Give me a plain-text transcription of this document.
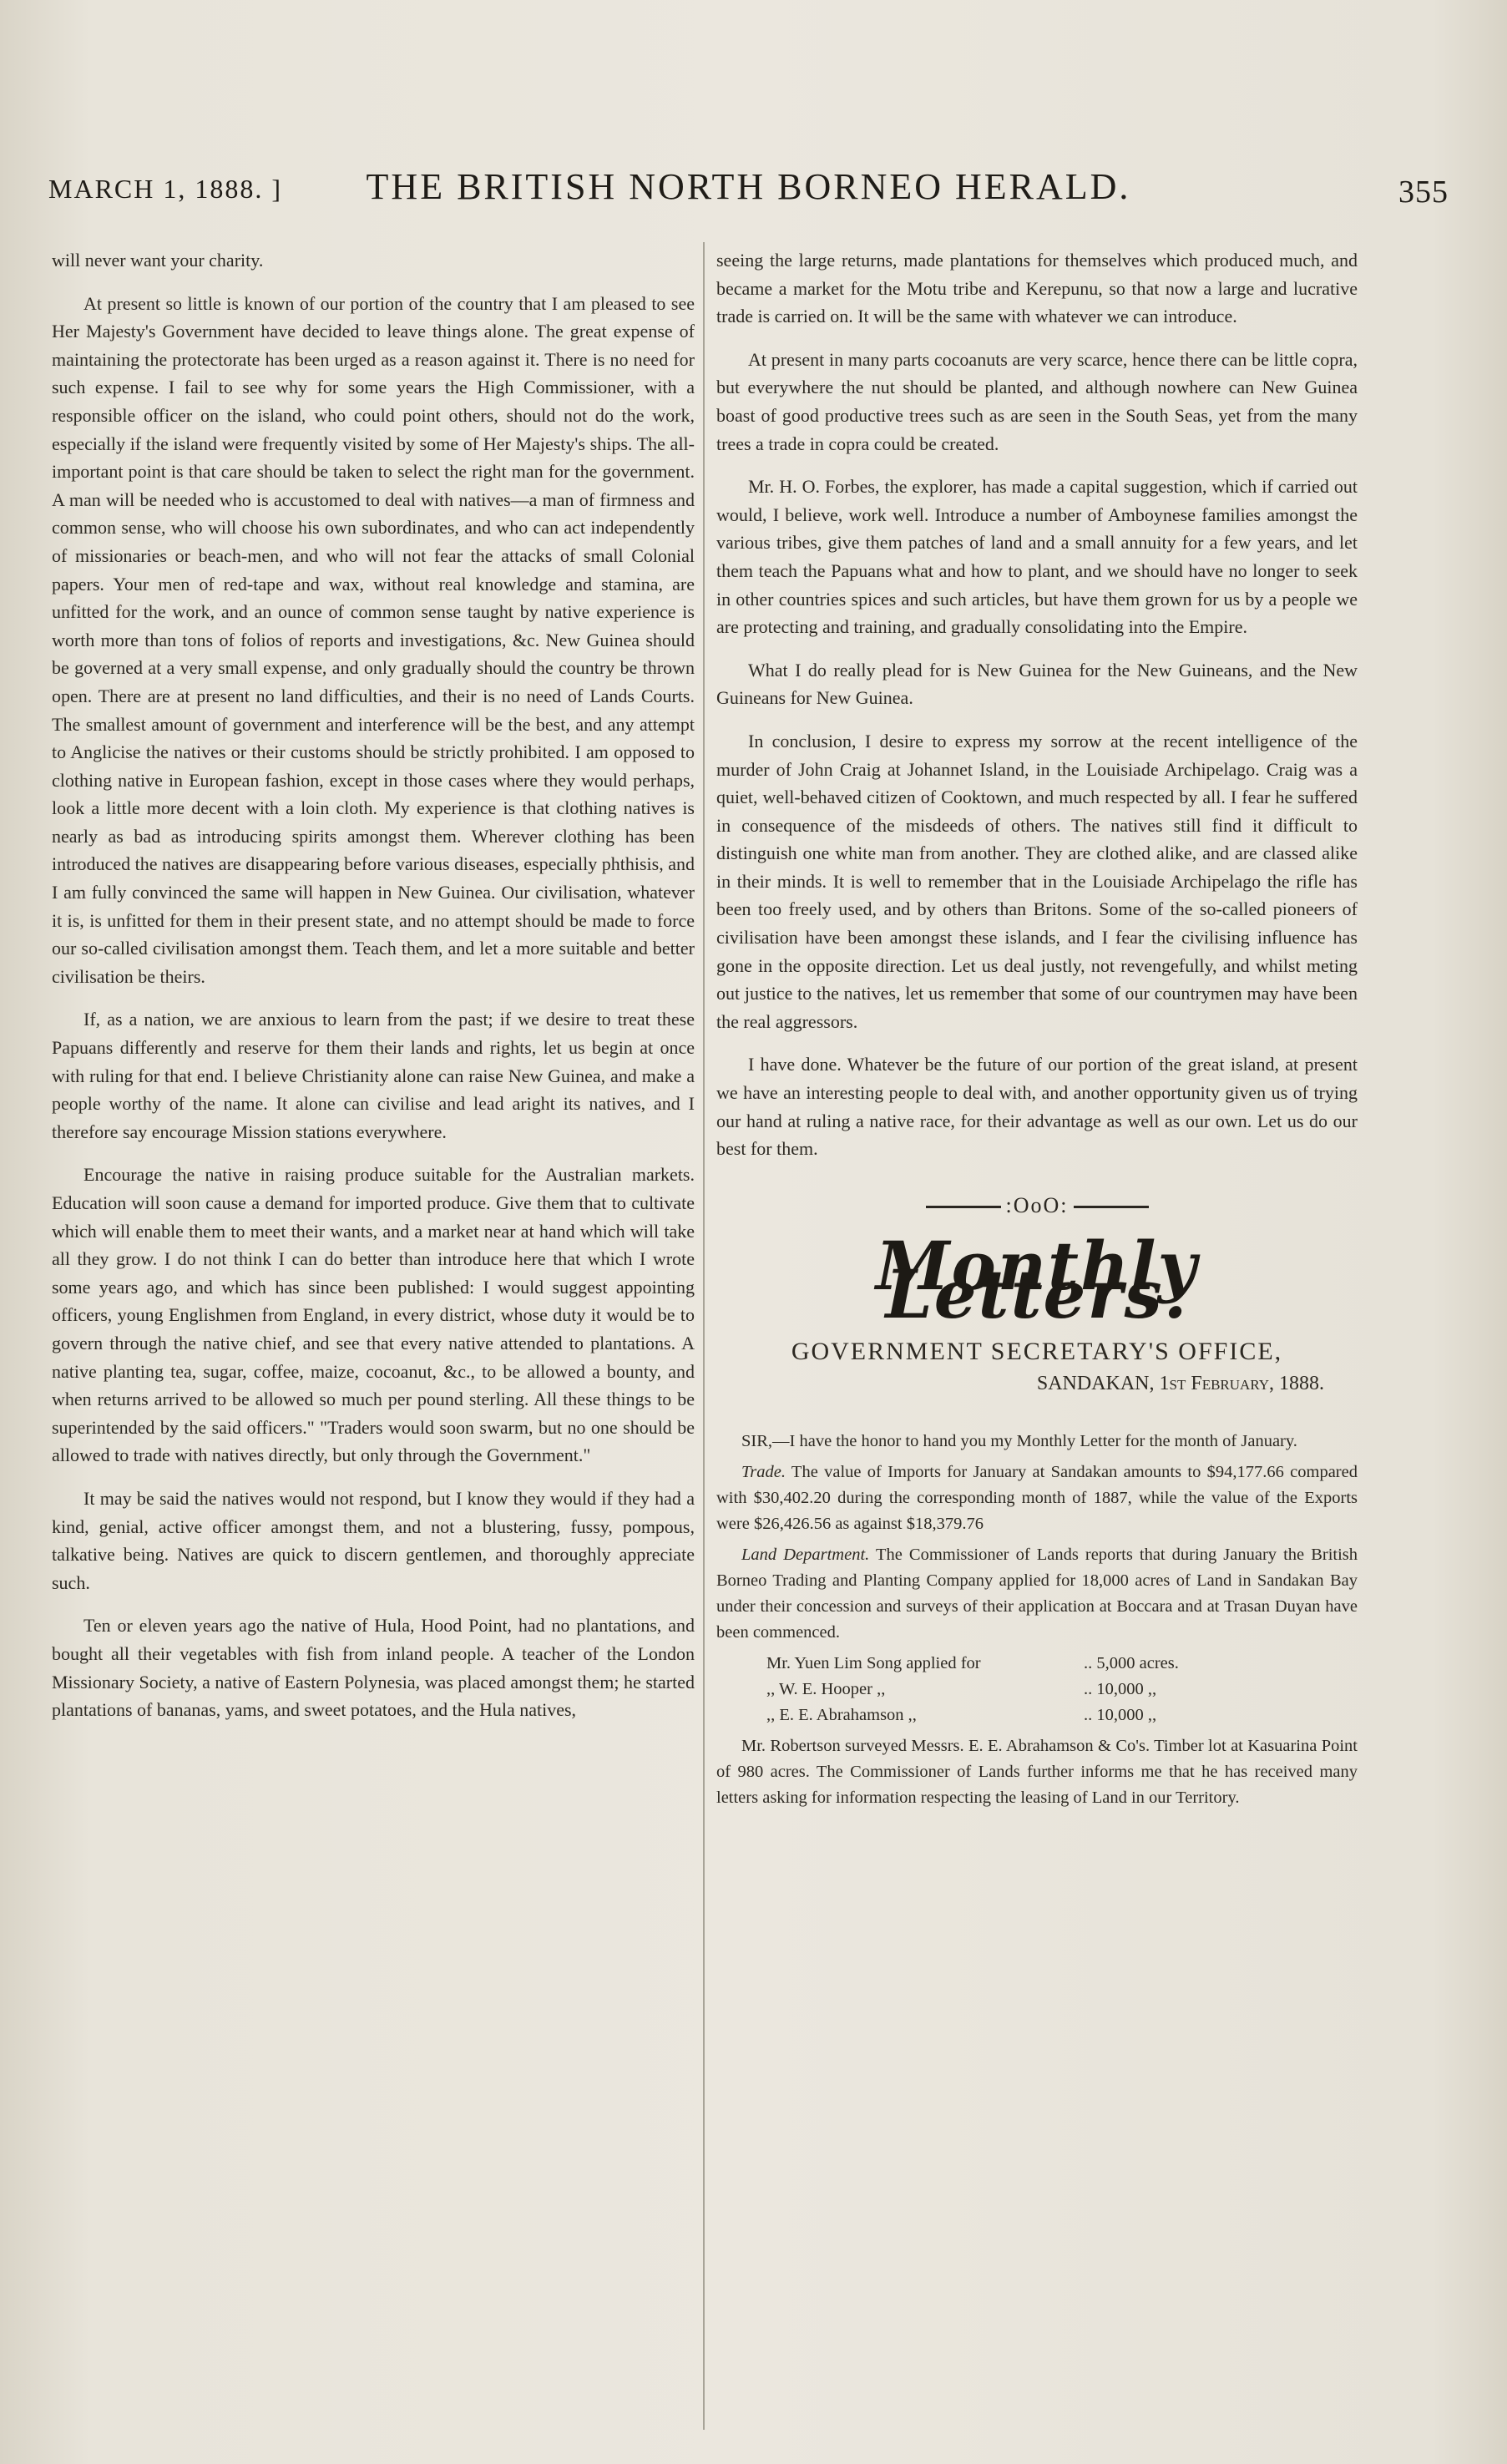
MARCH 1, 1888. ]	THE BRITISH NORTH BORNEO HERALD.	355

will never want your charity.

At present so little is known of our portion of the country that I am pleased to see Her Majesty's Government have decided to leave things alone. The great expense of maintaining the protectorate has been urged as a reason against it. There is no need for such expense. I fail to see why for some years the High Commissioner, with a responsible officer on the island, who could point others, should not do the work, especially if the island were frequently visited by some of Her Majesty's ships. The all-important point is that care should be taken to select the right man for the government. A man will be needed who is accustomed to deal with natives—a man of firmness and common sense, who will choose his own subordinates, and who can act independently of missionaries or beach-men, and who will not fear the attacks of small Colonial papers. Your men of red-tape and wax, without real knowledge and stamina, are unfitted for the work, and an ounce of common sense taught by native experience is worth more than tons of folios of reports and investigations, &c. New Guinea should be governed at a very small expense, and only gradually should the country be thrown open. There are at present no land difficulties, and their is no need of Lands Courts. The smallest amount of government and interference will be the best, and any attempt to Anglicise the natives or their customs should be strictly prohibited. I am opposed to clothing native in European fashion, except in those cases where they would perhaps, look a little more decent with a loin cloth. My experience is that clothing natives is nearly as bad as introducing spirits amongst them. Wherever clothing has been introduced the natives are disappearing before various diseases, especially phthisis, and I am fully convinced the same will happen in New Guinea. Our civilisation, whatever it is, is unfitted for them in their present state, and no attempt should be made to force our so-called civilisation amongst them. Teach them, and let a more suitable and better civilisation be theirs.

If, as a nation, we are anxious to learn from the past; if we desire to treat these Papuans differently and reserve for them their lands and rights, let us begin at once with ruling for that end. I believe Christianity alone can raise New Guinea, and make a people worthy of the name. It alone can civilise and lead aright its natives, and I therefore say encourage Mission stations everywhere.

Encourage the native in raising produce suitable for the Australian markets. Education will soon cause a demand for imported produce. Give them that to cultivate which will enable them to meet their wants, and a market near at hand which will take all they grow. I do not think I can do better than introduce here that which I wrote some years ago, and which has since been published: I would suggest appointing officers, young Englishmen from England, in every district, whose duty it would be to govern through the native chief, and see that every native attended to plantations. A native planting tea, sugar, coffee, maize, cocoanut, &c., to be allowed a bounty, and when returns arrived to be allowed so much per pound sterling. All these things to be superintended by the said officers." "Traders would soon swarm, but no one should be allowed to trade with natives directly, but only through the Government."

It may be said the natives would not respond, but I know they would if they had a kind, genial, active officer amongst them, and not a blustering, fussy, pompous, talkative being. Natives are quick to discern gentlemen, and thoroughly appreciate such.

Ten or eleven years ago the native of Hula, Hood Point, had no plantations, and bought all their vegetables with fish from inland people. A teacher of the London Missionary Society, a native of Eastern Polynesia, was placed amongst them; he started plantations of bananas, yams, and sweet potatoes, and the Hula natives,

seeing the large returns, made plantations for themselves which produced much, and became a market for the Motu tribe and Kerepunu, so that now a large and lucrative trade is carried on. It will be the same with whatever we can introduce.

At present in many parts cocoanuts are very scarce, hence there can be little copra, but everywhere the nut should be planted, and although nowhere can New Guinea boast of good productive trees such as are seen in the South Seas, yet from the many trees a trade in copra could be created.

Mr. H. O. Forbes, the explorer, has made a capital suggestion, which if carried out would, I believe, work well. Introduce a number of Amboynese families amongst the various tribes, give them patches of land and a small annuity for a few years, and let them teach the Papuans what and how to plant, and we should have no longer to seek in other countries spices and such articles, but have them grown for us by a people we are protecting and training, and gradually consolidating into the Empire.

What I do really plead for is New Guinea for the New Guineans, and the New Guineans for New Guinea.

In conclusion, I desire to express my sorrow at the recent intelligence of the murder of John Craig at Johannet Island, in the Louisiade Archipelago. Craig was a quiet, well-behaved citizen of Cooktown, and much respected by all. I fear he suffered in consequence of the misdeeds of others. The natives still find it difficult to distinguish one white man from another. They are clothed alike, and are classed alike in their minds. It is well to remember that in the Louisiade Archipelago the rifle has been too freely used, and by others than Britons. Some of the so-called pioneers of civilisation have been amongst these islands, and I fear the civilising influence has gone in the opposite direction. Let us deal justly, not revengefully, and whilst meting out justice to the natives, let us remember that some of our countrymen may have been the real aggressors.

I have done. Whatever be the future of our portion of the great island, at present we have an interesting people to deal with, and another opportunity given us of trying our hand at ruling a native race, for their advantage as well as our own. Let us do our best for them.

:OoO:
Monthly Letters.
GOVERNMENT SECRETARY'S OFFICE,
SANDAKAN, 1st February, 1888.

SIR,—I have the honor to hand you my Monthly Letter for the month of January.

Trade. The value of Imports for January at Sandakan amounts to $94,177.66 compared with $30,402.20 during the corresponding month of 1887, while the value of the Exports were $26,426.56 as against $18,379.76

Land Department. The Commissioner of Lands reports that during January the British Borneo Trading and Planting Company applied for 18,000 acres of Land in Sandakan Bay under their concession and surveys of their application at Boccara and at Trasan Duyan have been commenced.

Mr. Yuen Lim Song applied for	.. 5,000 acres.
,, W. E. Hooper ,,	.. 10,000 ,,
,, E. E. Abrahamson ,,	.. 10,000 ,,

Mr. Robertson surveyed Messrs. E. E. Abrahamson & Co's. Timber lot at Kasuarina Point of 980 acres. The Commissioner of Lands further informs me that he has received many letters asking for information respecting the leasing of Land in our Territory.
